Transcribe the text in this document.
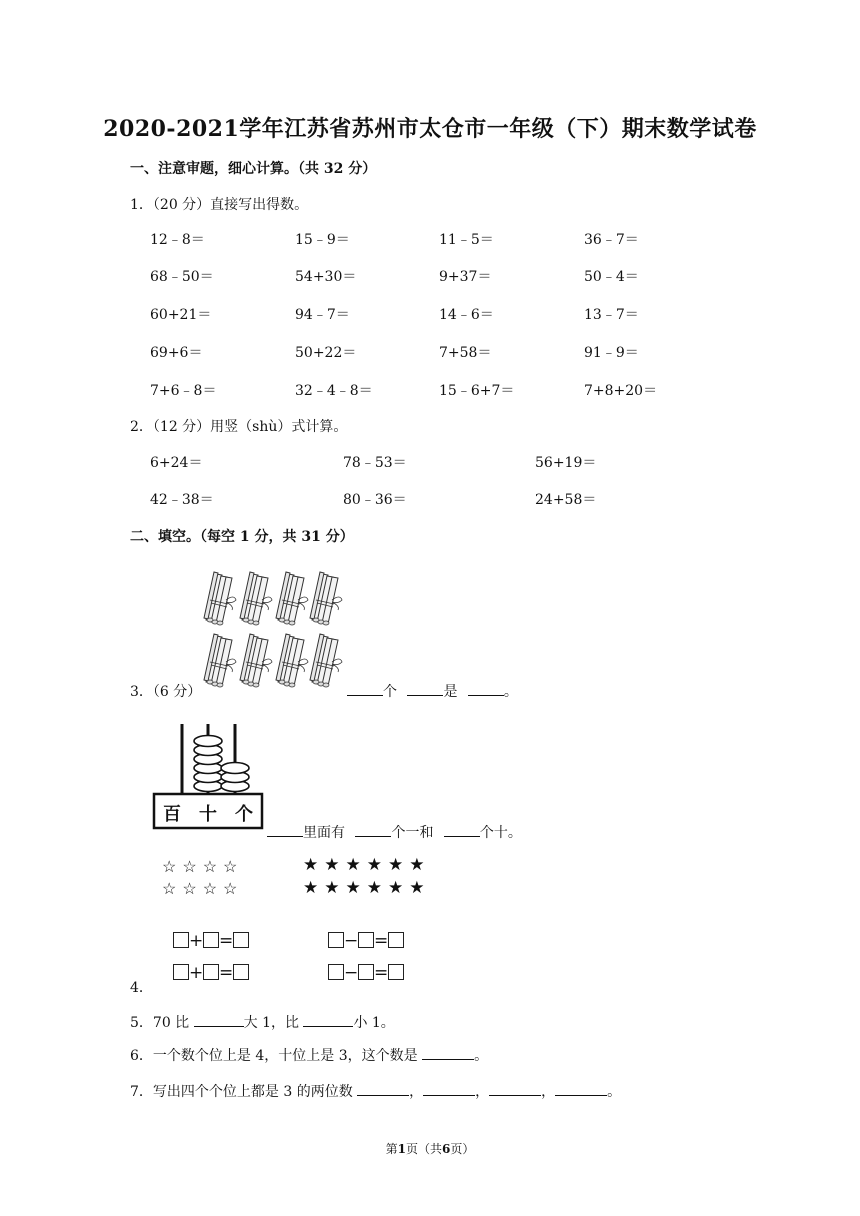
2020-2021学年江苏省苏州市太仓市一年级（下）期末数学试卷
一、注意审题，细心计算。（共 32 分）
1．（20 分）直接写出得数。
12﹣8＝	15﹣9＝	11﹣5＝	36﹣7＝
68﹣50＝	54+30＝	9+37＝	50﹣4＝
60+21＝	94﹣7＝	14﹣6＝	13﹣7＝
69+6＝	50+22＝	7+58＝	91﹣9＝
7+6﹣8＝	32﹣4﹣8＝	15﹣6+7＝	7+8+20＝
2．（12 分）用竖（shù）式计算。
6+24＝	78﹣53＝	56+19＝
42﹣38＝	80﹣36＝	24+58＝
二、填空。（每空 1 分，共 31 分）
3．（6 分）	个	是	。
百 十 个
里面有	个一和	个十。
☆☆☆☆
☆☆☆☆
★★★★★★
★★★★★★
+ =	− =
+ =	− =
4．
5．70 比	大 1，比	小 1。
6．一个数个位上是 4，十位上是 3，这个数是	。
7．写出四个个位上都是 3 的两位数	，	，	，	。
第1页（共6页）
